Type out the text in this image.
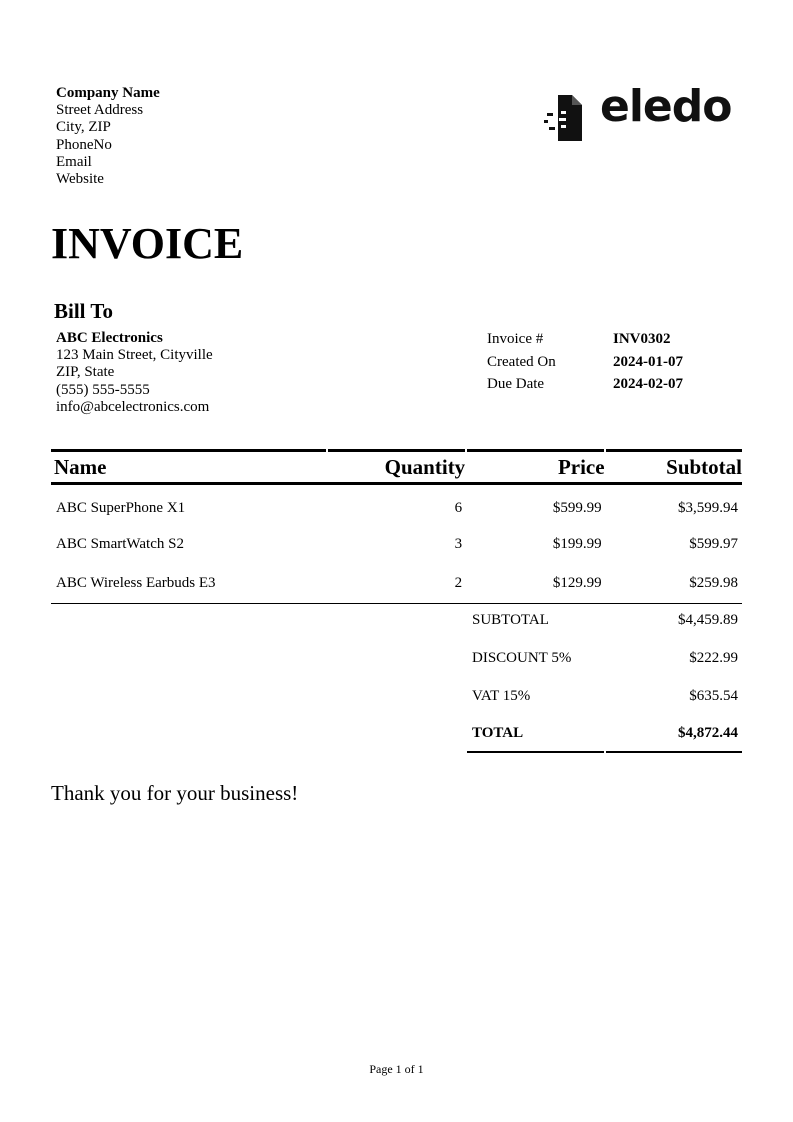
Company Name
Street Address
City, ZIP
PhoneNo
Email
Website
eledo
INVOICE
Bill To
ABC Electronics
123 Main Street, Cityville
ZIP, State
(555) 555-5555
info@abcelectronics.com
Invoice #	INV0302
Created On	2024-01-07
Due Date	2024-02-07
Name	Quantity	Price	Subtotal
ABC SuperPhone X1	6	$599.99	$3,599.94
ABC SmartWatch S2	3	$199.99	$599.97
ABC Wireless Earbuds E3	2	$129.99	$259.98
SUBTOTAL	$4,459.89
DISCOUNT 5%	$222.99
VAT 15%	$635.54
TOTAL	$4,872.44
Thank you for your business!
Page 1 of 1
